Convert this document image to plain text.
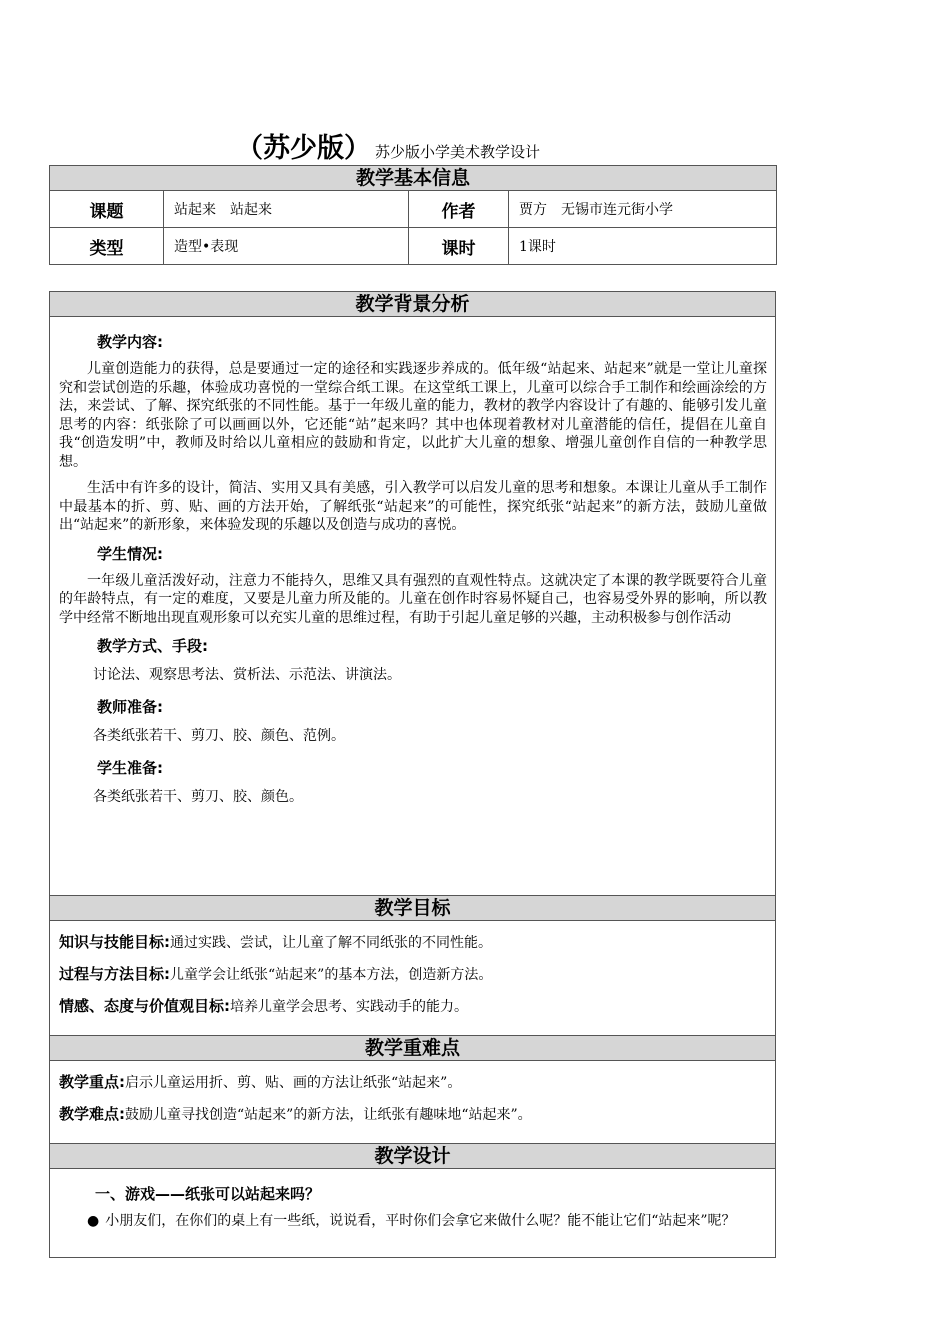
（苏少版） 苏少版小学美术教学设计
教学基本信息			
课题	站起来　站起来	作者	贾方　无锡市连元街小学
类型	造型•表现	课时	1课时
教学背景分析

教学内容:
儿童创造能力的获得，总是要通过一定的途径和实践逐步养成的。低年级“站起来、站起来”就是一堂让儿童探究和尝试创造的乐趣，体验成功喜悦的一堂综合纸工课。在这堂纸工课上，儿童可以综合手工制作和绘画涂绘的方法，来尝试、了解、探究纸张的不同性能。基于一年级儿童的能力，教材的教学内容设计了有趣的、能够引发儿童思考的内容：纸张除了可以画画以外，它还能“站”起来吗？其中也体现着教材对儿童潜能的信任，提倡在儿童自我“创造发明”中，教师及时给以儿童相应的鼓励和肯定，以此扩大儿童的想象、增强儿童创作自信的一种教学思想。
生活中有许多的设计，简洁、实用又具有美感，引入教学可以启发儿童的思考和想象。本课让儿童从手工制作中最基本的折、剪、贴、画的方法开始，了解纸张“站起来”的可能性，探究纸张“站起来”的新方法，鼓励儿童做出“站起来”的新形象，来体验发现的乐趣以及创造与成功的喜悦。
学生情况:
一年级儿童活泼好动，注意力不能持久，思维又具有强烈的直观性特点。这就决定了本课的教学既要符合儿童的年龄特点，有一定的难度，又要是儿童力所及能的。儿童在创作时容易怀疑自己，也容易受外界的影响，所以教学中经常不断地出现直观形象可以充实儿童的思维过程，有助于引起儿童足够的兴趣，主动积极参与创作活动
教学方式、手段:
讨论法、观察思考法、赏析法、示范法、讲演法。
教师准备:
各类纸张若干、剪刀、胶、颜色、范例。
学生准备:
各类纸张若干、剪刀、胶、颜色。

教学目标

知识与技能目标:通过实践、尝试，让儿童了解不同纸张的不同性能。
过程与方法目标:儿童学会让纸张“站起来”的基本方法，创造新方法。
情感、态度与价值观目标:培养儿童学会思考、实践动手的能力。

教学重难点

教学重点:启示儿童运用折、剪、贴、画的方法让纸张“站起来”。
教学难点:鼓励儿童寻找创造“站起来”的新方法，让纸张有趣味地“站起来”。

教学设计

一、游戏——纸张可以站起来吗？
● 小朋友们，在你们的桌上有一些纸，说说看，平时你们会拿它来做什么呢？能不能让它们“站起来”呢？
